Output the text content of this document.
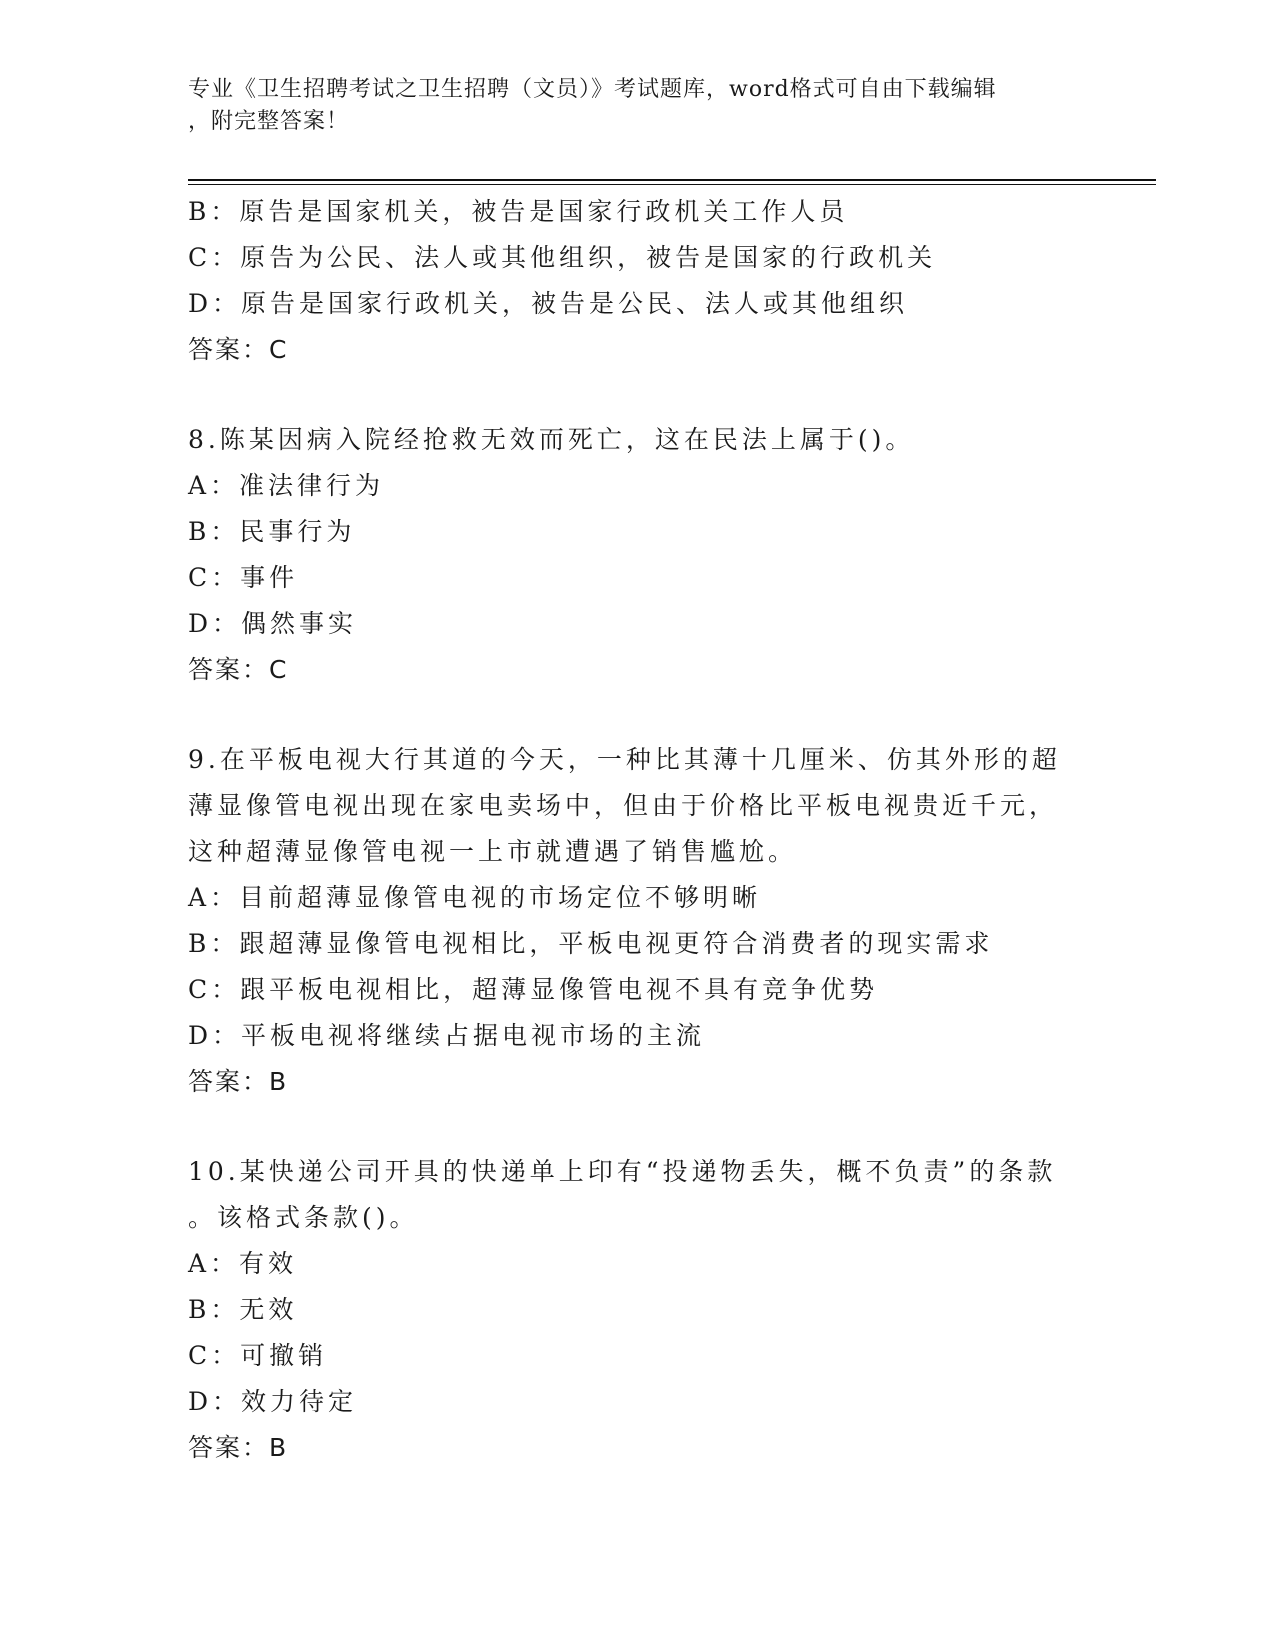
专业《卫生招聘考试之卫生招聘（文员）》考试题库，word格式可自由下载编辑
，附完整答案！
B：原告是国家机关，被告是国家行政机关工作人员
C：原告为公民、法人或其他组织，被告是国家的行政机关
D：原告是国家行政机关，被告是公民、法人或其他组织
答案：C
8.陈某因病入院经抢救无效而死亡，这在民法上属于()。
A：准法律行为
B：民事行为
C：事件
D：偶然事实
答案：C
9.在平板电视大行其道的今天，一种比其薄十几厘米、仿其外形的超
薄显像管电视出现在家电卖场中，但由于价格比平板电视贵近千元，
这种超薄显像管电视一上市就遭遇了销售尴尬。
A：目前超薄显像管电视的市场定位不够明晰
B：跟超薄显像管电视相比，平板电视更符合消费者的现实需求
C：跟平板电视相比，超薄显像管电视不具有竞争优势
D：平板电视将继续占据电视市场的主流
答案：B
10.某快递公司开具的快递单上印有“投递物丢失，概不负责”的条款
。该格式条款()。
A：有效
B：无效
C：可撤销
D：效力待定
答案：B
